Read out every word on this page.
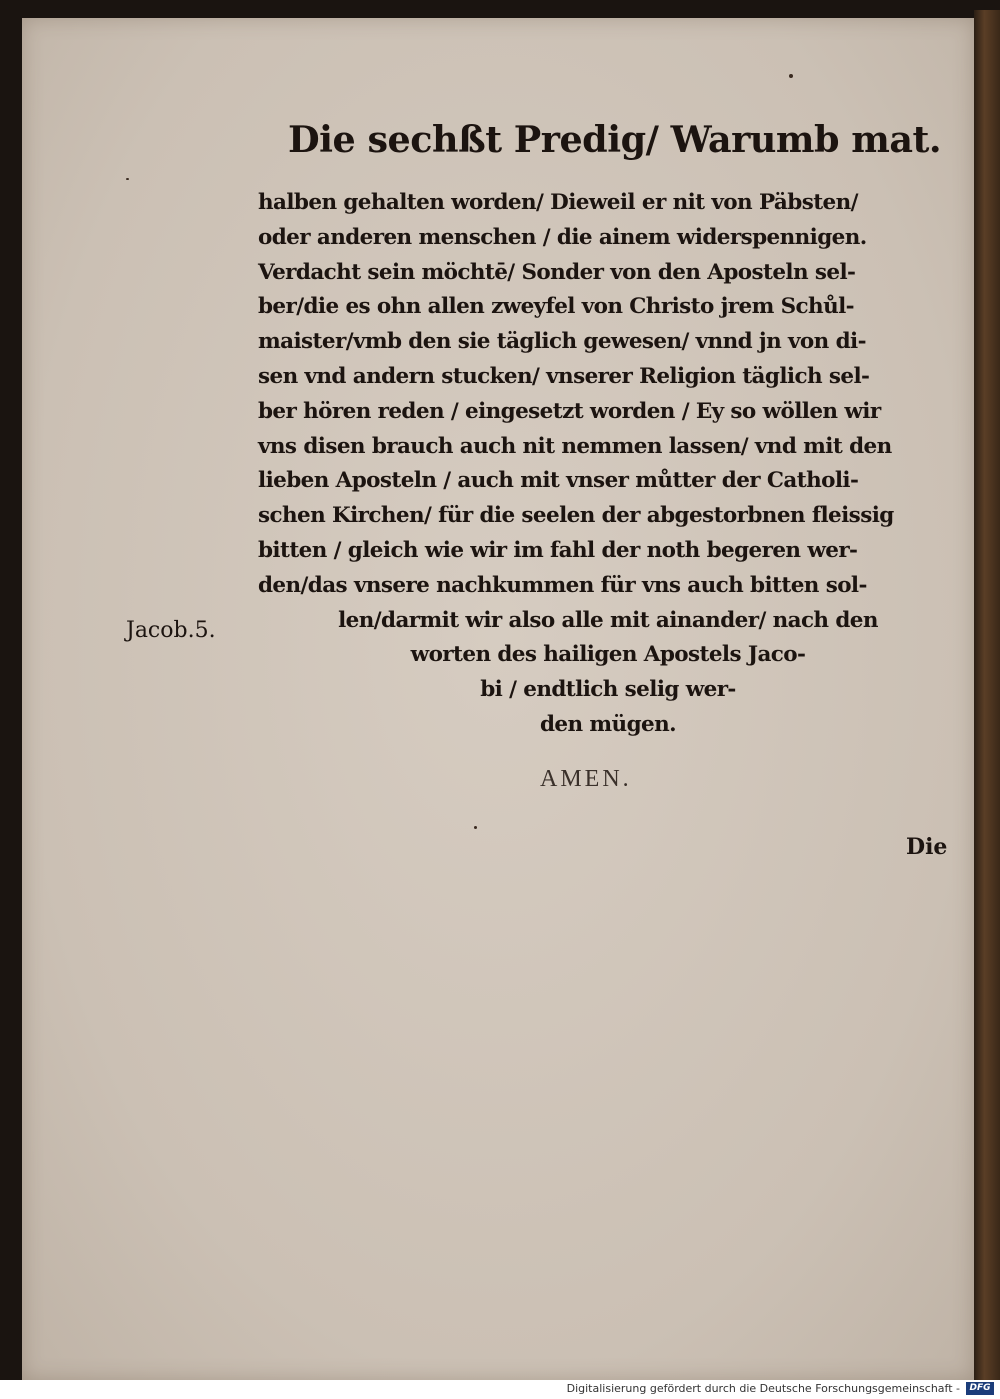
Die sechßt Predig/ Warumb mat.
halben gehalten worden/ Dieweil er nit von Päbsten/
oder anderen menschen / die ainem widerspennigen.
Verdacht sein möchtē/ Sonder von den Aposteln sel-
ber/die es ohn allen zweyfel von Christo jrem Schůl-
maister/vmb den sie täglich gewesen/ vnnd jn von di-
sen vnd andern stucken/ vnserer Religion täglich sel-
ber hören reden / eingesetzt worden / Ey so wöllen wir
vns disen brauch auch nit nemmen lassen/ vnd mit den
lieben Aposteln / auch mit vnser můtter der Catholi-
schen Kirchen/ für die seelen der abgestorbnen fleissig
bitten / gleich wie wir im fahl der noth begeren wer-
den/das vnsere nachkummen für vns auch bitten sol-
len/darmit wir also alle mit ainander/ nach den
worten des hailigen Apostels Jaco-
bi / endtlich selig wer-
den mügen.
Jacob.5.
AMEN.
Die
Digitalisierung gefördert durch die Deutsche Forschungsgemeinschaft -	DFG
